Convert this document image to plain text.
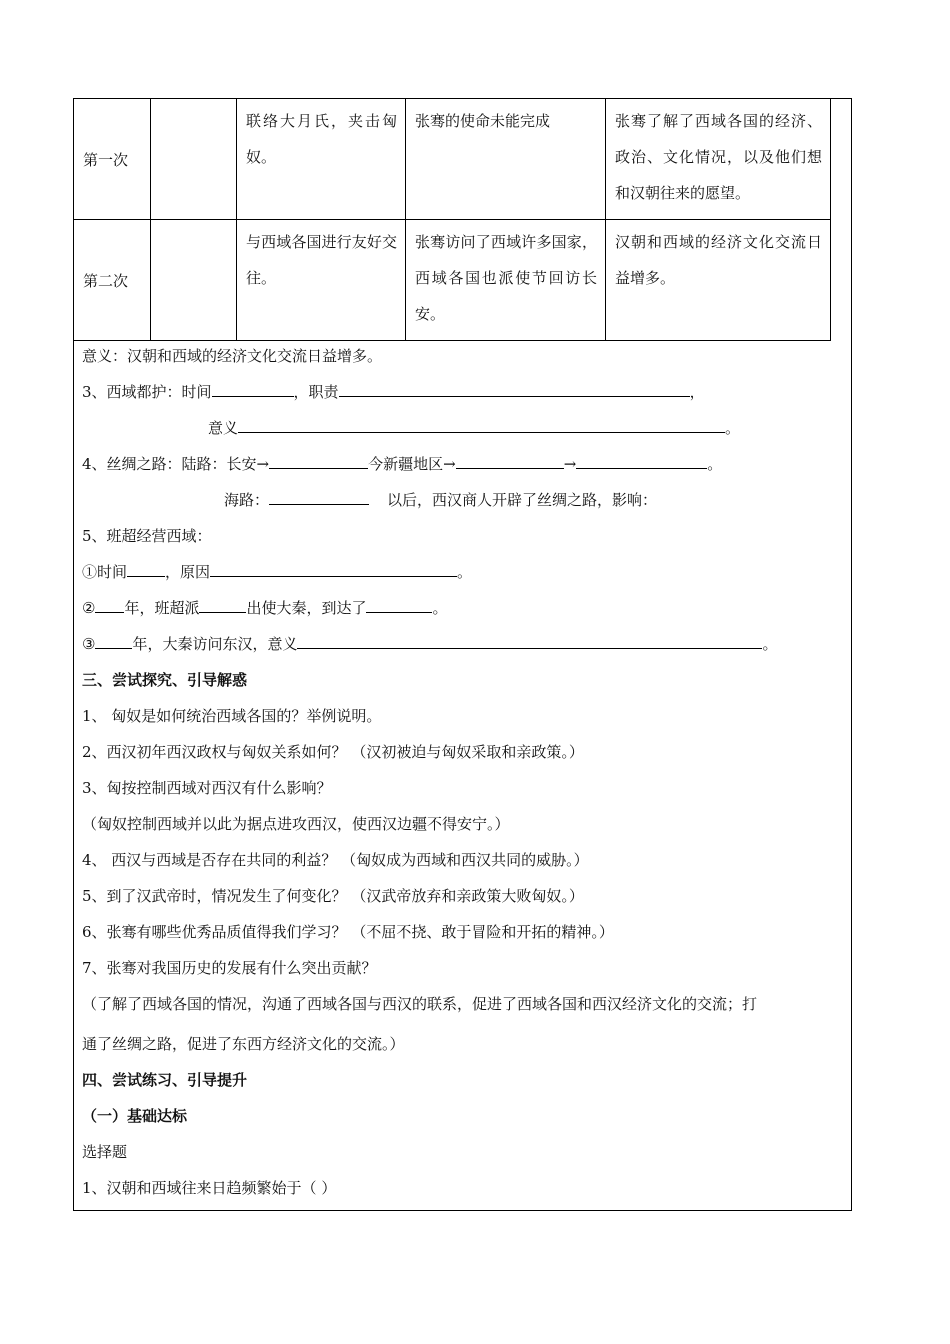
第一次		联络大月氏，夹击匈奴。	张骞的使命未能完成	张骞了解了西域各国的经济、政治、文化情况，以及他们想和汉朝往来的愿望。
第二次		与西域各国进行友好交往。	张骞访问了西域许多国家，西域各国也派使节回访长安。	汉朝和西域的经济文化交流日益增多。
意义：汉朝和西域的经济文化交流日益增多。
3、西域都护：时间	，职责	，
意义	。
4、丝绸之路：陆路：长安→	今新疆地区→	→	。
海路：	以后，西汉商人开辟了丝绸之路，影响：
5、班超经营西域：
①时间	，原因	。
② 年，班超派	出使大秦，到达了	。
③ 年，大秦访问东汉，意义	。
三、尝试探究、引导解惑
1、 匈奴是如何统治西域各国的？举例说明。
2、西汉初年西汉政权与匈奴关系如何？ （汉初被迫与匈奴采取和亲政策。）
3、匈按控制西域对西汉有什么影响？
（匈奴控制西域并以此为据点进攻西汉，使西汉边疆不得安宁。）
4、 西汉与西域是否存在共同的利益？ （匈奴成为西域和西汉共同的威胁。）
5、到了汉武帝时，情况发生了何变化？ （汉武帝放弃和亲政策大败匈奴。）
6、张骞有哪些优秀品质值得我们学习？ （不屈不挠、敢于冒险和开拓的精神。）
7、张骞对我国历史的发展有什么突出贡献？
（了解了西域各国的情况，沟通了西域各国与西汉的联系，促进了西域各国和西汉经济文化的交流；打
通了丝绸之路，促进了东西方经济文化的交流。）
四、尝试练习、引导提升
（一）基础达标
选择题
1、汉朝和西域往来日趋频繁始于（ ）
